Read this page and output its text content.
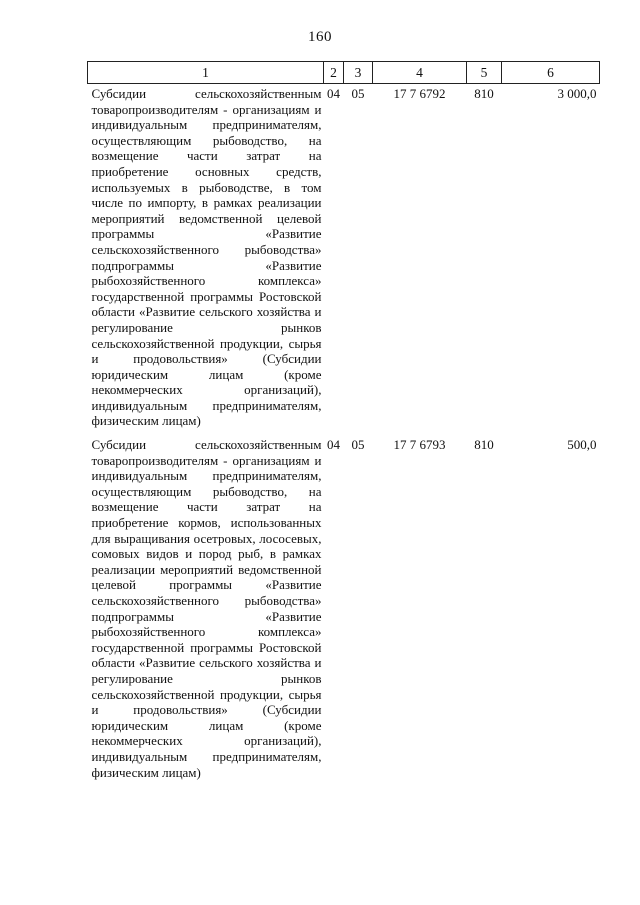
160
1	2	3	4	5	6
Субсидии сельскохозяйственным товаропроизводителям - организациям и индивидуальным предпринимателям, осуществляющим рыбоводство, на возмещение части затрат на приобретение основных средств, используемых в рыбоводстве, в том числе по импорту, в рамках реализации мероприятий ведомственной целевой программы «Развитие сельскохозяйственного рыбоводства» подпрограммы «Развитие рыбохозяйственного комплекса» государственной программы Ростовской области «Развитие сельского хозяйства и регулирование рынков сельскохозяйственной продукции, сырья и продовольствия» (Субсидии юридическим лицам (кроме некоммерческих организаций), индивидуальным предпринимателям, физическим лицам)	04	05	17 7 6792	810	3 000,0
Субсидии сельскохозяйственным товаропроизводителям - организациям и индивидуальным предпринимателям, осуществляющим рыбоводство, на возмещение части затрат на приобретение кормов, использованных для выращивания осетровых, лососевых, сомовых видов и пород рыб, в рамках реализации мероприятий ведомственной целевой программы «Развитие сельскохозяйственного рыбоводства» подпрограммы «Развитие рыбохозяйственного комплекса» государственной программы Ростовской области «Развитие сельского хозяйства и регулирование рынков сельскохозяйственной продукции, сырья и продовольствия» (Субсидии юридическим лицам (кроме некоммерческих организаций), индивидуальным предпринимателям, физическим лицам)	04	05	17 7 6793	810	500,0
